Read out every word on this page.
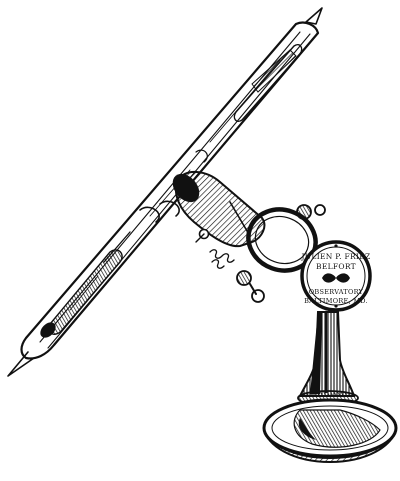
JULIEN P. FRIEZ
BELFORT
OBSERVATORY
BALTIMORE, MD.
